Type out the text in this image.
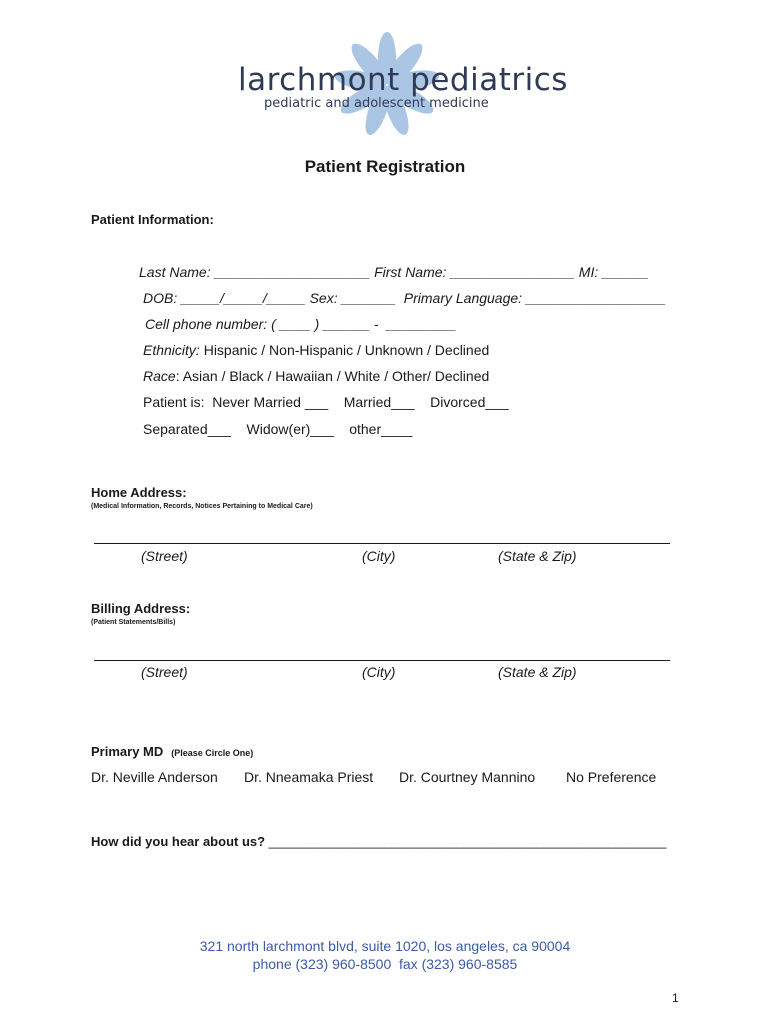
larchmont pediatrics
pediatric and adolescent medicine
Patient Registration
Patient Information:
Last Name: ____________________ First Name: ________________ MI: ______
DOB: _____/_____/_____ Sex: _______  Primary Language: __________________
Cell phone number: ( ____ ) ______ -  _________
Ethnicity: Hispanic / Non-Hispanic / Unknown / Declined
Race: Asian / Black / Hawaiian / White / Other/ Declined
Patient is:  Never Married ___    Married___    Divorced___
Separated___    Widow(er)___    other____
Home Address:
(Medical Information, Records, Notices Pertaining to Medical Care)
(Street)	(City)	(State & Zip)
Billing Address:
(Patient Statements/Bills)
(Street)	(City)	(State & Zip)
Primary MD (Please Circle One)
Dr. Neville Anderson Dr. Nneamaka Priest Dr. Courtney Mannino No Preference
How did you hear about us? _______________________________________________________
321 north larchmont blvd, suite 1020, los angeles, ca 90004
phone (323) 960-8500  fax (323) 960-8585
1
